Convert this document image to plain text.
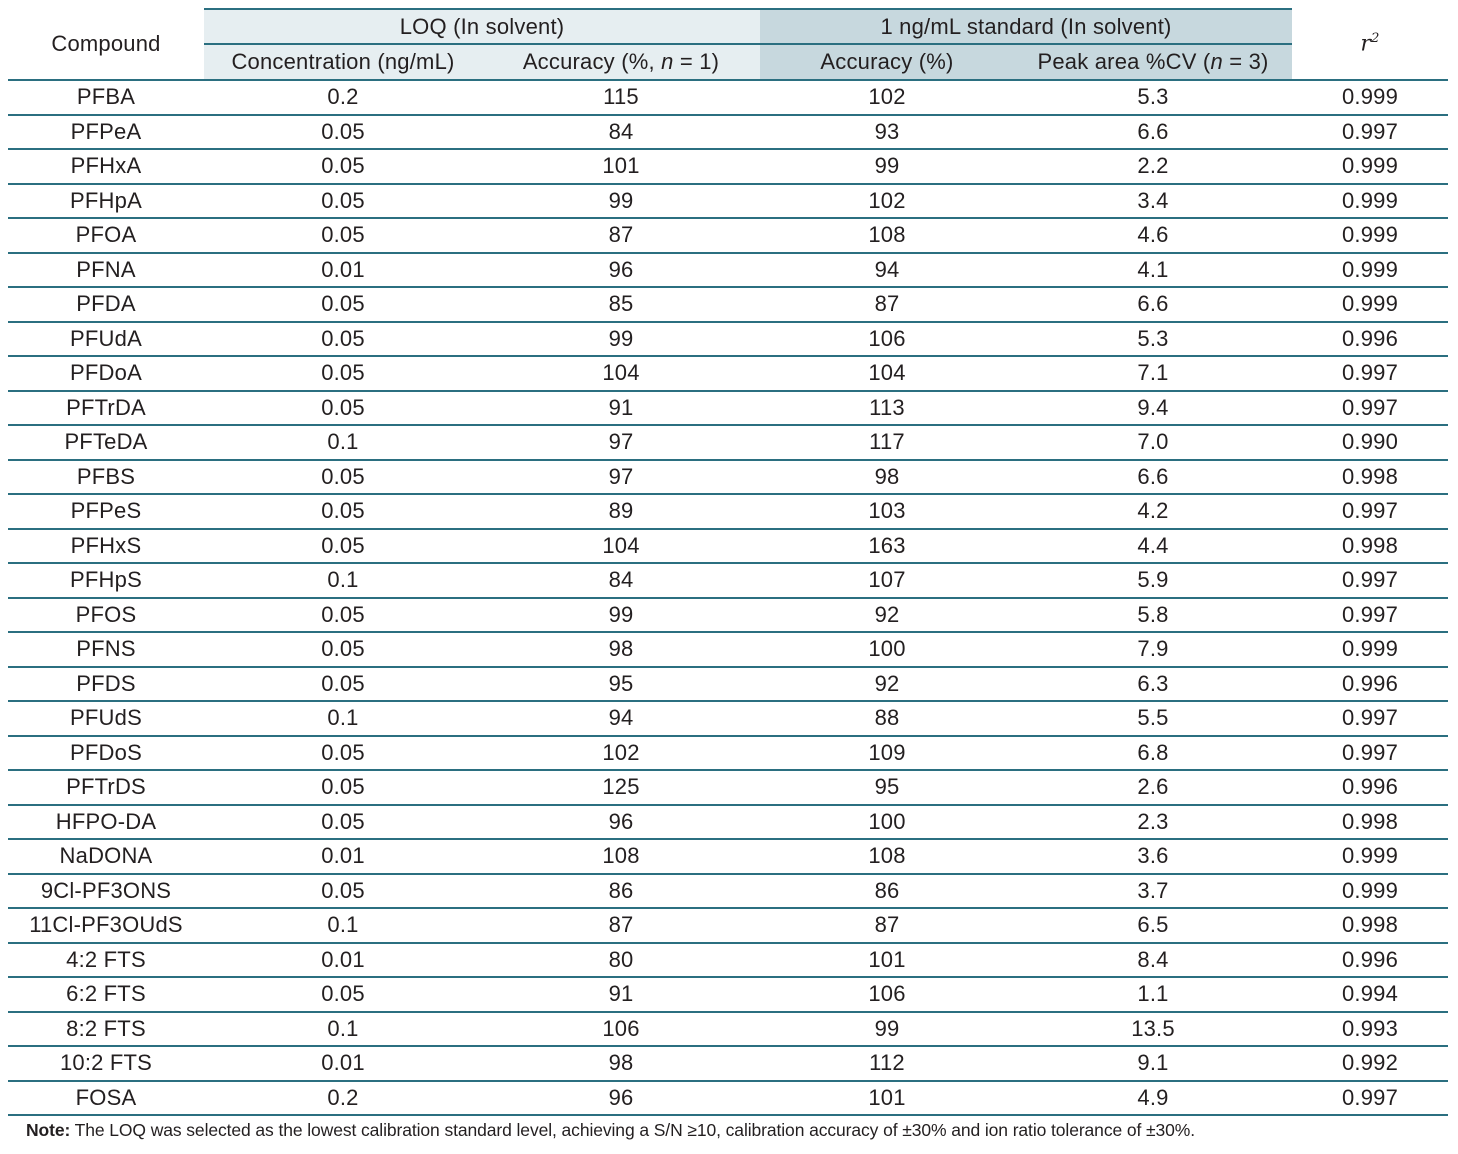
Compound	LOQ (In solvent)		1 ng/mL standard (In solvent)		$r^2$
	Concentration (ng/mL)	Accuracy (%, n = 1)	Accuracy (%)	Peak area %CV (n = 3)	
PFBA	0.2	115	102	5.3	0.999
PFPeA	0.05	84	93	6.6	0.997
PFHxA	0.05	101	99	2.2	0.999
PFHpA	0.05	99	102	3.4	0.999
PFOA	0.05	87	108	4.6	0.999
PFNA	0.01	96	94	4.1	0.999
PFDA	0.05	85	87	6.6	0.999
PFUdA	0.05	99	106	5.3	0.996
PFDoA	0.05	104	104	7.1	0.997
PFTrDA	0.05	91	113	9.4	0.997
PFTeDA	0.1	97	117	7.0	0.990
PFBS	0.05	97	98	6.6	0.998
PFPeS	0.05	89	103	4.2	0.997
PFHxS	0.05	104	163	4.4	0.998
PFHpS	0.1	84	107	5.9	0.997
PFOS	0.05	99	92	5.8	0.997
PFNS	0.05	98	100	7.9	0.999
PFDS	0.05	95	92	6.3	0.996
PFUdS	0.1	94	88	5.5	0.997
PFDoS	0.05	102	109	6.8	0.997
PFTrDS	0.05	125	95	2.6	0.996
HFPO-DA	0.05	96	100	2.3	0.998
NaDONA	0.01	108	108	3.6	0.999
9Cl-PF3ONS	0.05	86	86	3.7	0.999
11Cl-PF3OUdS	0.1	87	87	6.5	0.998
4:2 FTS	0.01	80	101	8.4	0.996
6:2 FTS	0.05	91	106	1.1	0.994
8:2 FTS	0.1	106	99	13.5	0.993
10:2 FTS	0.01	98	112	9.1	0.992
FOSA	0.2	96	101	4.9	0.997
Note: The LOQ was selected as the lowest calibration standard level, achieving a S/N ≥10, calibration accuracy of ±30% and ion ratio tolerance of ±30%.
